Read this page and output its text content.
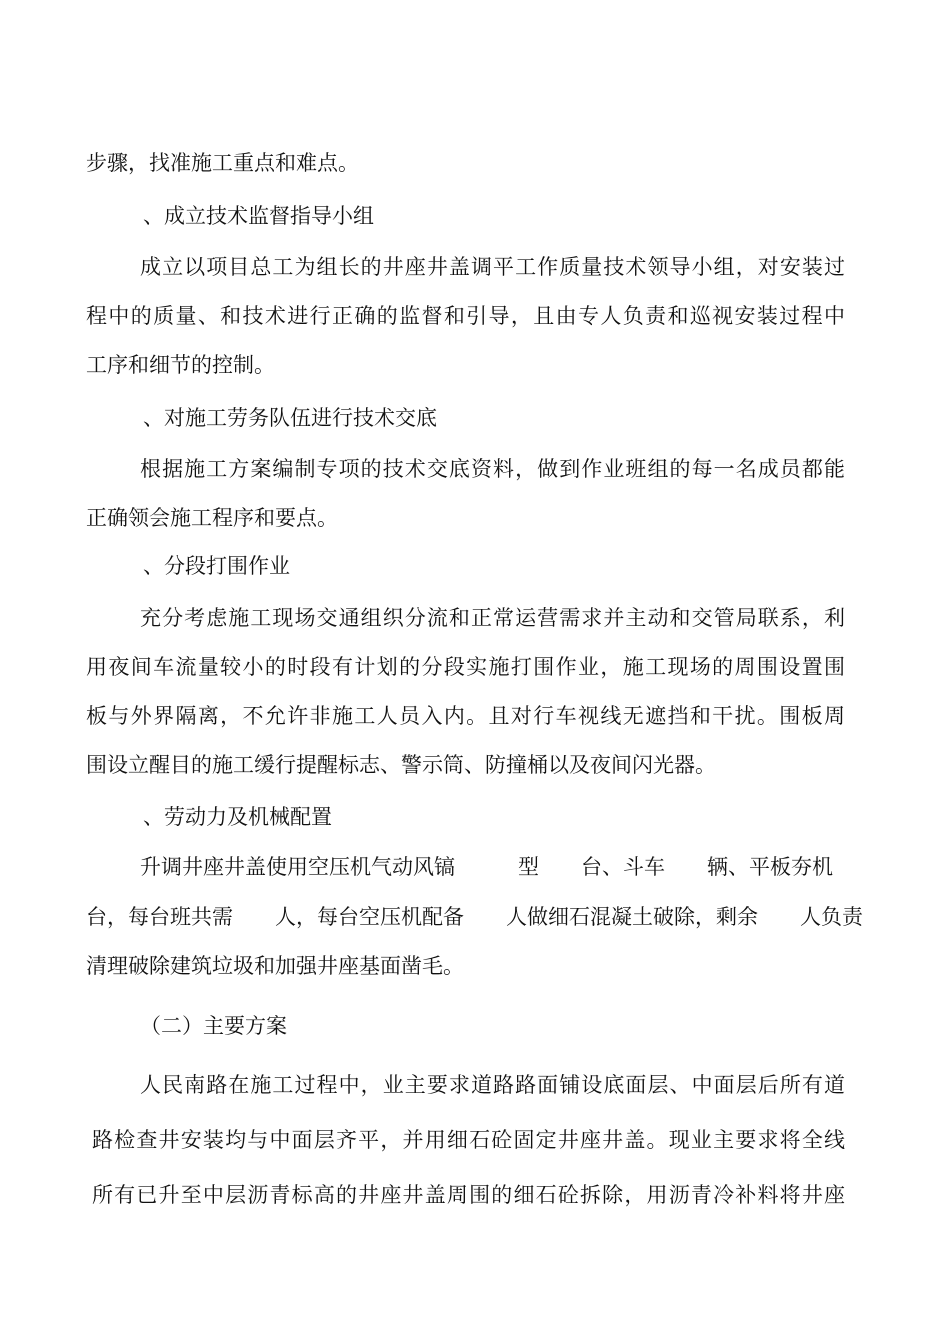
步骤，找准施工重点和难点。

、成立技术监督指导小组

成立以项目总工为组长的井座井盖调平工作质量技术领导小组，对安装过

程中的质量、和技术进行正确的监督和引导，且由专人负责和巡视安装过程中

工序和细节的控制。

、对施工劳务队伍进行技术交底

根据施工方案编制专项的技术交底资料，做到作业班组的每一名成员都能

正确领会施工程序和要点。

、分段打围作业

充分考虑施工现场交通组织分流和正常运营需求并主动和交管局联系，利

用夜间车流量较小的时段有计划的分段实施打围作业，施工现场的周围设置围

板与外界隔离，不允许非施工人员入内。且对行车视线无遮挡和干扰。围板周

围设立醒目的施工缓行提醒标志、警示筒、防撞桶以及夜间闪光器。

、劳动力及机械配置

升调井座井盖使用空压机气动风镐　　　型　　台、斗车　　辆、平板夯机

台，每台班共需　　人，每台空压机配备　　人做细石混凝土破除，剩余　　人负责

清理破除建筑垃圾和加强井座基面凿毛。

（二）主要方案

人民南路在施工过程中，业主要求道路路面铺设底面层、中面层后所有道

路检查井安装均与中面层齐平，并用细石砼固定井座井盖。现业主要求将全线

所有已升至中层沥青标高的井座井盖周围的细石砼拆除，用沥青冷补料将井座
